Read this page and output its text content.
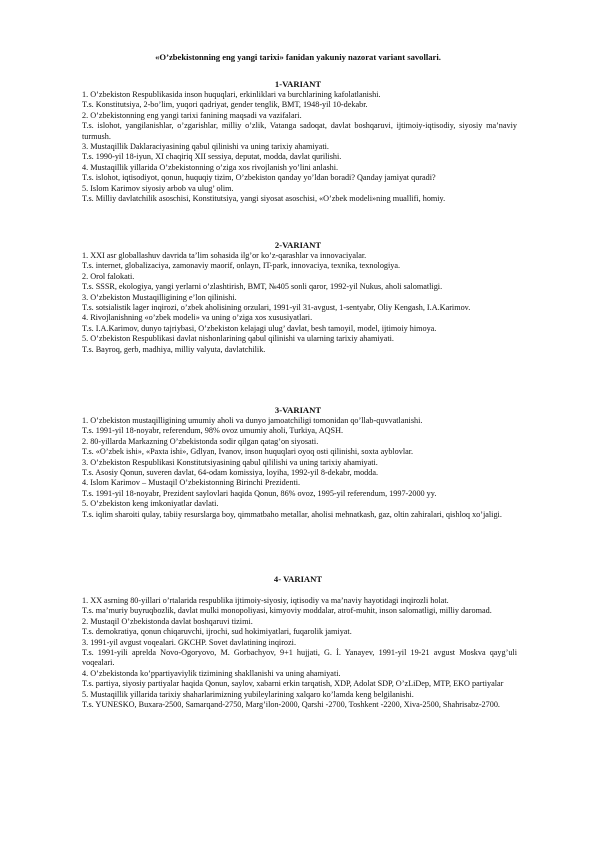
«O’zbekistonning eng yangi tarixi» fanidan yakuniy nazorat variant savollari.
1-VARIANT
1. O’zbekiston Respublikasida inson huquqlari, erkinliklari va burchlarining kafolatlanishi.
T.s. Konstitutsiya, 2-bo’lim, yuqori qadriyat, gender tenglik, BMT, 1948-yil 10-dekabr.
2. O’zbekistonning eng yangi tarixi fanining maqsadi va vazifalari.
T.s. islohot, yangilanishlar, o’zgarishlar, milliy o’zlik, Vatanga sadoqat, davlat boshqaruvi, ijtimoiy-iqtisodiy, siyosiy ma’naviy turmush.
3. Mustaqillik Daklaraciyasining qabul qilinishi va uning tarixiy ahamiyati.
T.s. 1990-yil 18-iyun, XI chaqiriq XII sessiya, deputat, modda, davlat qurilishi.
4. Mustaqillik yillarida O’zbekistonning o’ziga xos rivojlanish yo’lini anlashi.
T.s. islohot, iqtisodiyot, qonun, huquqiy tizim, O’zbekiston qanday yo’ldan boradi? Qanday jamiyat quradi?
5. Islom Karimov siyosiy arbob va ulug’ olim.
T.s. Milliy davlatchilik asoschisi, Konstitutsiya, yangi siyosat asoschisi, «O’zbek modeli»ning muallifi, homiy.
2-VARIANT
1. XXI asr globallashuv davrida ta’lim sohasida ilg’or ko’z-qarashlar va innovaciyalar.
T.s. internet, globalizaciya, zamonaviy maorif, onlayn, IT-park, innovaciya, texnika, texnologiya.
2. Orol falokati.
T.s. SSSR, ekologiya, yangi yerlarni o’zlashtirish, BMT, №405 sonli qaror, 1992-yil Nukus, aholi salomatligi.
3. O’zbekiston Mustaqilligining e’lon qilinishi.
T.s. sotsialistik lager inqirozi, o’zbek aholisining orzulari, 1991-yil 31-avgust, 1-sentyabr, Oliy Kengash, I.A.Karimov.
4. Rivojlanishning «o’zbek modeli» va uning o’ziga xos xususiyatlari.
T.s. I.A.Karimov, dunyo tajriybasi, O’zbekiston kelajagi ulug’ davlat, besh tamoyil, model, ijtimoiy himoya.
5. O’zbekiston Respublikasi davlat nishonlarining qabul qilinishi va ularning tarixiy ahamiyati.
T.s. Bayroq, gerb, madhiya, milliy valyuta, davlatchilik.
3-VARIANT
1. O’zbekiston mustaqilligining umumiy aholi va dunyo jamoatchiligi tomonidan qo’llab-quvvatlanishi.
T.s. 1991-yil 18-noyabr, referendum, 98% ovoz umumiy aholi, Turkiya, AQSH.
2. 80-yillarda Markazning O’zbekistonda sodir qilgan qatag’on siyosati.
T.s. «O’zbek ishi», «Paxta ishi», Gdlyan, Ivanov, inson huquqlari oyoq osti qilinishi, soxta ayblovlar.
3. O’zbekiston Respublikasi Konstitutsiyasining qabul qililishi va uning tarixiy ahamiyati.
T.s. Asosiy Qonun, suveren davlat, 64-odam komissiya, loyiha, 1992-yil 8-dekabr, modda.
4. Islom Karimov – Mustaqil O’zbekistonning Birinchi Prezidenti.
T.s. 1991-yil 18-noyabr, Prezident saylovlari haqida Qonun, 86% ovoz, 1995-yil referendum, 1997-2000 yy.
5. O’zbekiston keng imkoniyatlar davlati.
T.s. iqlim sharoiti qulay, tabiiy resurslarga boy, qimmatbaho metallar, aholisi mehnatkash, gaz, oltin zahiralari, qishloq xo’jaligi.
4- VARIANT
1. XX asrning 80-yillari o’rtalarida respublika ijtimoiy-siyosiy, iqtisodiy va ma’naviy hayotidagi inqirozli holat.
T.s. ma’muriy buyruqbozlik, davlat mulki monopoliyasi, kimyoviy moddalar, atrof-muhit, inson salomatligi, milliy daromad.
2. Mustaqil O’zbekistonda davlat boshqaruvi tizimi.
T.s. demokratiya, qonun chiqaruvchi, ijrochi, sud hokimiyatlari, fuqarolik jamiyat.
3. 1991-yil avgust voqealari. GKCHP. Sovet davlatining inqirozi.
T.s. 1991-yili aprelda Novo-Ogoryovo, M. Gorbachyov, 9+1 hujjati, G. İ. Yanayev, 1991-yil 19-21 avgust Moskva qayg’uli voqealari.
4. O’zbekistonda ko’ppartiyaviylik tizimining shakllanishi va uning ahamiyati.
T.s. partiya, siyosiy partiyalar haqida Qonun, saylov, xabarni erkin tarqatish, XDP, Adolat SDP, O’zLiDep, MTP, EKO partiyalar
5. Mustaqillik yillarida tarixiy shaharlarimizning yubileylarining xalqaro ko’lamda keng belgilanishi.
T.s. YUNESKO, Buxara-2500, Samarqand-2750, Marg’ilon-2000, Qarshi -2700, Toshkent -2200, Xiva-2500, Shahrisabz-2700.
